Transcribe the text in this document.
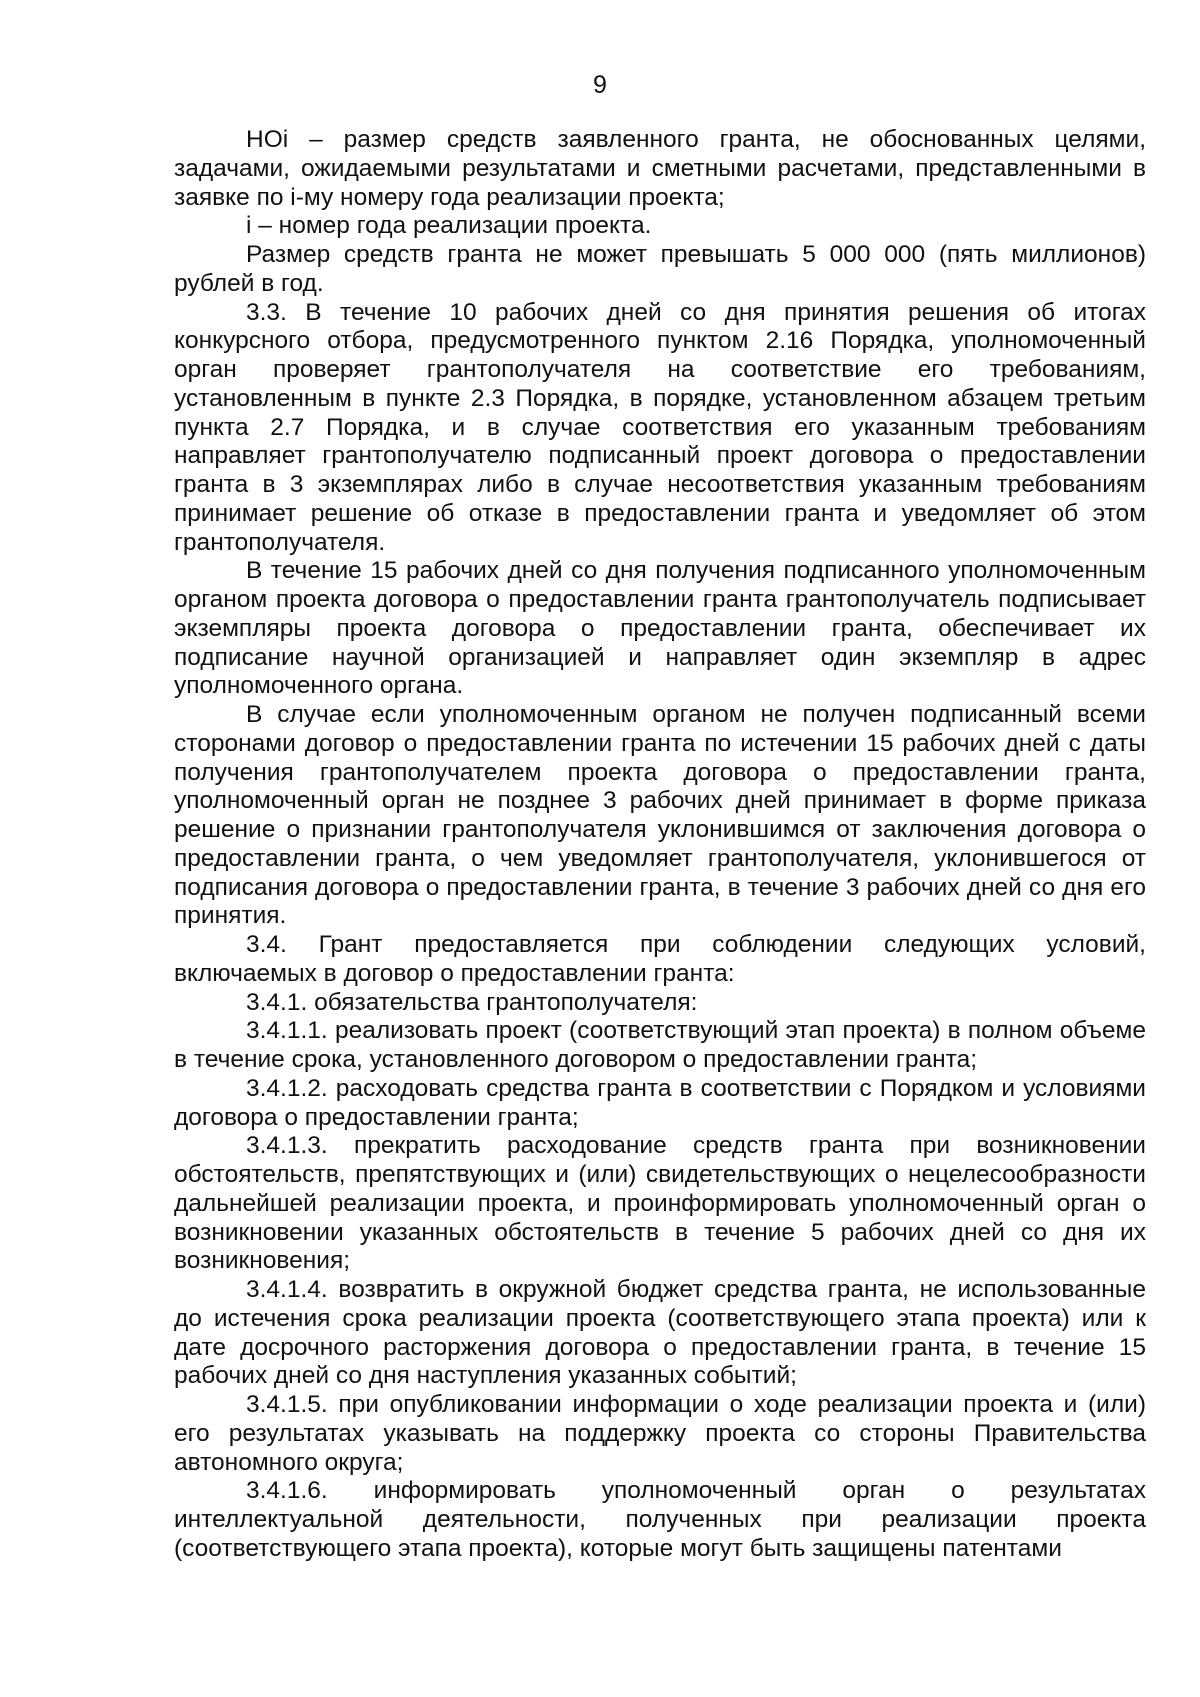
9

НОi – размер средств заявленного гранта, не обоснованных целями, задачами, ожидаемыми результатами и сметными расчетами, представленными в заявке по i-му номеру года реализации проекта;

i – номер года реализации проекта.

Размер средств гранта не может превышать 5 000 000 (пять миллионов) рублей в год.

3.3. В течение 10 рабочих дней со дня принятия решения об итогах конкурсного отбора, предусмотренного пунктом 2.16 Порядка, уполномоченный орган проверяет грантополучателя на соответствие его требованиям, установленным в пункте 2.3 Порядка, в порядке, установленном абзацем третьим пункта 2.7 Порядка, и в случае соответствия его указанным требованиям направляет грантополучателю подписанный проект договора о предоставлении гранта в 3 экземплярах либо в случае несоответствия указанным требованиям принимает решение об отказе в предоставлении гранта и уведомляет об этом грантополучателя.

В течение 15 рабочих дней со дня получения подписанного уполномоченным органом проекта договора о предоставлении гранта грантополучатель подписывает экземпляры проекта договора о предоставлении гранта, обеспечивает их подписание научной организацией и направляет один экземпляр в адрес уполномоченного органа.

В случае если уполномоченным органом не получен подписанный всеми сторонами договор о предоставлении гранта по истечении 15 рабочих дней с даты получения грантополучателем проекта договора о предоставлении гранта, уполномоченный орган не позднее 3 рабочих дней принимает в форме приказа решение о признании грантополучателя уклонившимся от заключения договора о предоставлении гранта, о чем уведомляет грантополучателя, уклонившегося от подписания договора о предоставлении гранта, в течение 3 рабочих дней со дня его принятия.

3.4. Грант предоставляется при соблюдении следующих условий, включаемых в договор о предоставлении гранта:

3.4.1. обязательства грантополучателя:

3.4.1.1. реализовать проект (соответствующий этап проекта) в полном объеме в течение срока, установленного договором о предоставлении гранта;

3.4.1.2. расходовать средства гранта в соответствии с Порядком и условиями договора о предоставлении гранта;

3.4.1.3. прекратить расходование средств гранта при возникновении обстоятельств, препятствующих и (или) свидетельствующих о нецелесообразности дальнейшей реализации проекта, и проинформировать уполномоченный орган о возникновении указанных обстоятельств в течение 5 рабочих дней со дня их возникновения;

3.4.1.4. возвратить в окружной бюджет средства гранта, не использованные до истечения срока реализации проекта (соответствующего этапа проекта) или к дате досрочного расторжения договора о предоставлении гранта, в течение 15 рабочих дней со дня наступления указанных событий;

3.4.1.5. при опубликовании информации о ходе реализации проекта и (или) его результатах указывать на поддержку проекта со стороны Правительства автономного округа;

3.4.1.6. информировать уполномоченный орган о результатах интеллектуальной деятельности, полученных при реализации проекта (соответствующего этапа проекта), которые могут быть защищены патентами
